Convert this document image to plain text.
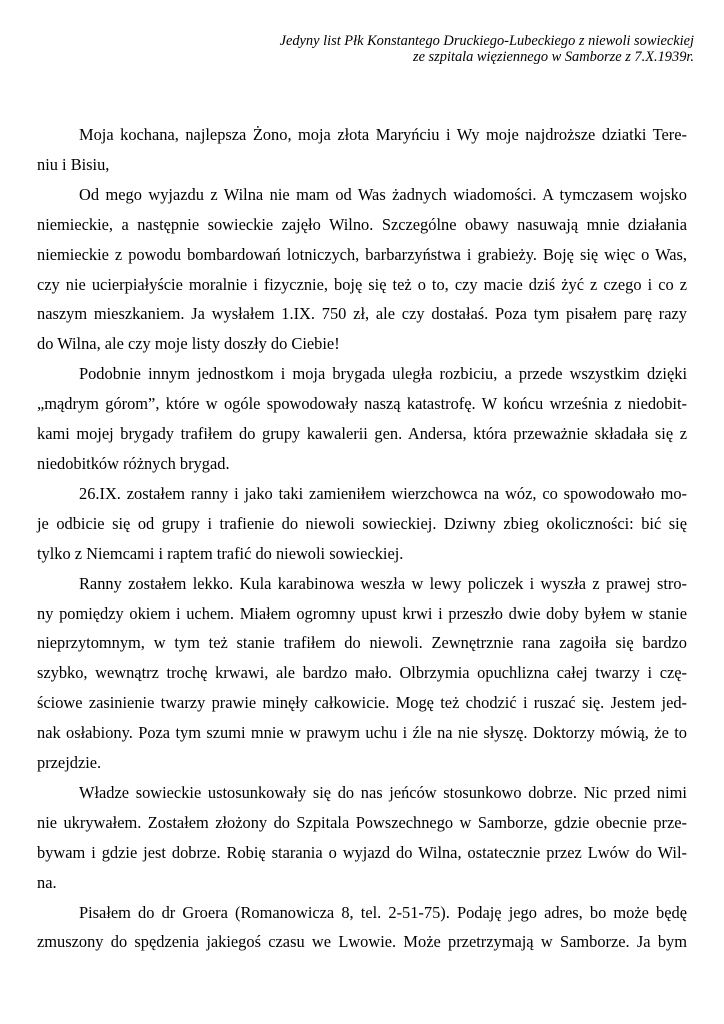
Jedyny list Płk Konstantego Druckiego-Lubeckiego z niewoli sowieckiej
ze szpitala więziennego w Samborze z 7.X.1939r.
Moja kochana, najlepsza Żono, moja złota Maryńciu i Wy moje najdroższe dziatki Tere-
niu i Bisiu,
Od mego wyjazdu z Wilna nie mam od Was żadnych wiadomości. A tymczasem wojsko
niemieckie, a następnie sowieckie zajęło Wilno. Szczególne obawy nasuwają mnie działania
niemieckie z powodu bombardowań lotniczych, barbarzyństwa i grabieży. Boję się więc o Was,
czy nie ucierpiałyście moralnie i fizycznie, boję się też o to, czy macie dziś żyć z czego i co z
naszym mieszkaniem. Ja wysłałem 1.IX. 750 zł, ale czy dostałaś. Poza tym pisałem parę razy
do Wilna, ale czy moje listy doszły do Ciebie!
Podobnie innym jednostkom i moja brygada uległa rozbiciu, a przede wszystkim dzięki
„mądrym górom”, które w ogóle spowodowały naszą katastrofę. W końcu września z niedobit-
kami mojej brygady trafiłem do grupy kawalerii gen. Andersa, która przeważnie składała się z
niedobitków różnych brygad.
26.IX. zostałem ranny i jako taki zamieniłem wierzchowca na wóz, co spowodowało mo-
je odbicie się od grupy i trafienie do niewoli sowieckiej. Dziwny zbieg okoliczności: bić się
tylko z Niemcami i raptem trafić do niewoli sowieckiej.
Ranny zostałem lekko. Kula karabinowa weszła w lewy policzek i wyszła z prawej stro-
ny pomiędzy okiem i uchem. Miałem ogromny upust krwi i przeszło dwie doby byłem w stanie
nieprzytomnym, w tym też stanie trafiłem do niewoli. Zewnętrznie rana zagoiła się bardzo
szybko, wewnątrz trochę krwawi, ale bardzo mało. Olbrzymia opuchlizna całej twarzy i czę-
ściowe zasinienie twarzy prawie minęły całkowicie. Mogę też chodzić i ruszać się. Jestem jed-
nak osłabiony. Poza tym szumi mnie w prawym uchu i źle na nie słyszę. Doktorzy mówią, że to
przejdzie.
Władze sowieckie ustosunkowały się do nas jeńców stosunkowo dobrze. Nic przed nimi
nie ukrywałem. Zostałem złożony do Szpitala Powszechnego w Samborze, gdzie obecnie prze-
bywam i gdzie jest dobrze. Robię starania o wyjazd do Wilna, ostatecznie przez Lwów do Wil-
na.
Pisałem do dr Groera (Romanowicza 8, tel. 2-51-75). Podaję jego adres, bo może będę
zmuszony do spędzenia jakiegoś czasu we Lwowie. Może przetrzymają w Samborze. Ja bym
